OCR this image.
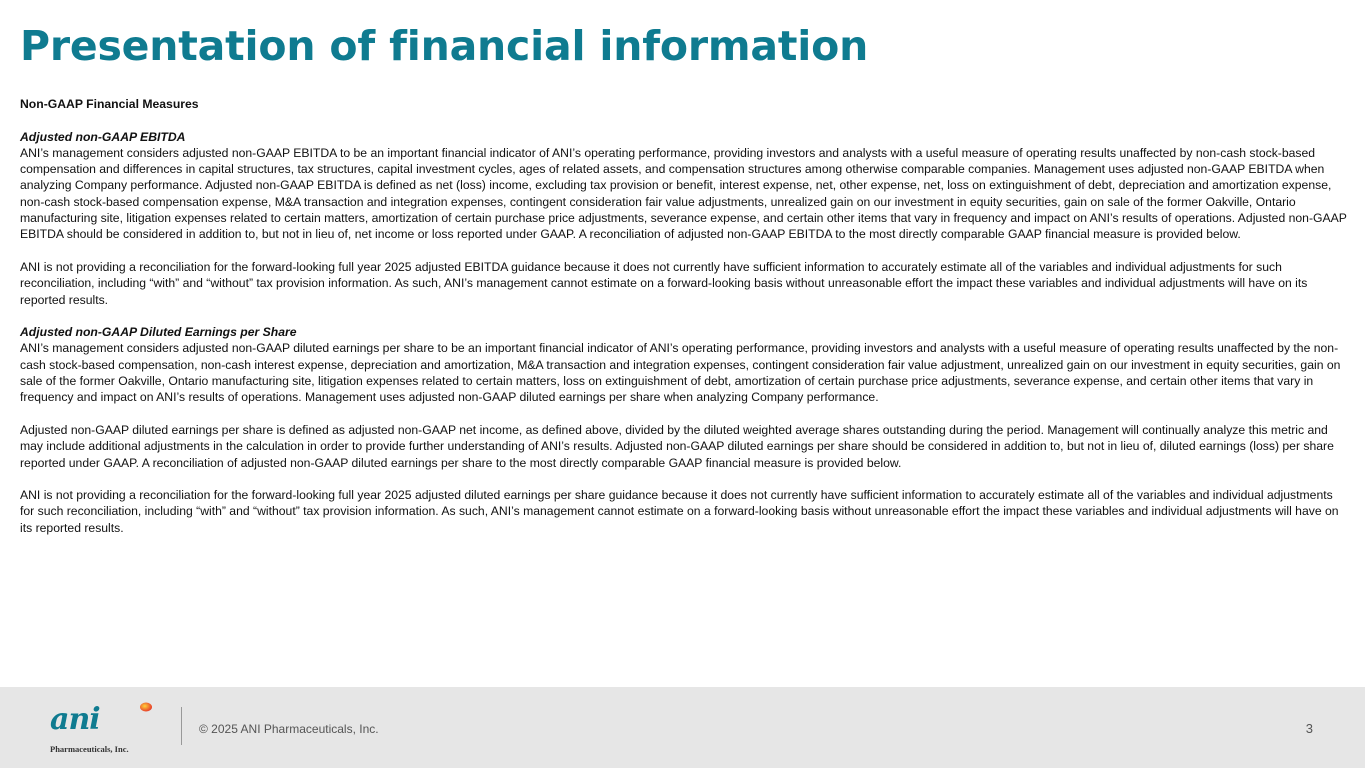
Presentation of financial information

Non-GAAP Financial Measures

Adjusted non-GAAP EBITDA
ANI’s management considers adjusted non-GAAP EBITDA to be an important financial indicator of ANI’s operating performance, providing investors and analysts with a useful measure of operating results unaffected by non-cash stock-based compensation and differences in capital structures, tax structures, capital investment cycles, ages of related assets, and compensation structures among otherwise comparable companies. Management uses adjusted non-GAAP EBITDA when analyzing Company performance. Adjusted non-GAAP EBITDA is defined as net (loss) income, excluding tax provision or benefit, interest expense, net, other expense, net, loss on extinguishment of debt, depreciation and amortization expense, non-cash stock-based compensation expense, M&A transaction and integration expenses, contingent consideration fair value adjustments, unrealized gain on our investment in equity securities, gain on sale of the former Oakville, Ontario manufacturing site, litigation expenses related to certain matters, amortization of certain purchase price adjustments, severance expense, and certain other items that vary in frequency and impact on ANI’s results of operations. Adjusted non-GAAP EBITDA should be considered in addition to, but not in lieu of, net income or loss reported under GAAP. A reconciliation of adjusted non-GAAP EBITDA to the most directly comparable GAAP financial measure is provided below.

ANI is not providing a reconciliation for the forward-looking full year 2025 adjusted EBITDA guidance because it does not currently have sufficient information to accurately estimate all of the variables and individual adjustments for such reconciliation, including “with” and “without” tax provision information. As such, ANI’s management cannot estimate on a forward-looking basis without unreasonable effort the impact these variables and individual adjustments will have on its reported results.

Adjusted non-GAAP Diluted Earnings per Share
ANI’s management considers adjusted non-GAAP diluted earnings per share to be an important financial indicator of ANI’s operating performance, providing investors and analysts with a useful measure of operating results unaffected by the non-cash stock-based compensation, non-cash interest expense, depreciation and amortization, M&A transaction and integration expenses, contingent consideration fair value adjustment, unrealized gain on our investment in equity securities, gain on sale of the former Oakville, Ontario manufacturing site, litigation expenses related to certain matters, loss on extinguishment of debt, amortization of certain purchase price adjustments, severance expense, and certain other items that vary in frequency and impact on ANI’s results of operations. Management uses adjusted non-GAAP diluted earnings per share when analyzing Company performance.

Adjusted non-GAAP diluted earnings per share is defined as adjusted non-GAAP net income, as defined above, divided by the diluted weighted average shares outstanding during the period. Management will continually analyze this metric and may include additional adjustments in the calculation in order to provide further understanding of ANI’s results. Adjusted non-GAAP diluted earnings per share should be considered in addition to, but not in lieu of, diluted earnings (loss) per share reported under GAAP. A reconciliation of adjusted non-GAAP diluted earnings per share to the most directly comparable GAAP financial measure is provided below.

ANI is not providing a reconciliation for the forward-looking full year 2025 adjusted diluted earnings per share guidance because it does not currently have sufficient information to accurately estimate all of the variables and individual adjustments for such reconciliation, including “with” and “without” tax provision information. As such, ANI’s management cannot estimate on a forward-looking basis without unreasonable effort the impact these variables and individual adjustments will have on its reported results.

ani
Pharmaceuticals, Inc.
© 2025 ANI Pharmaceuticals, Inc.	3
